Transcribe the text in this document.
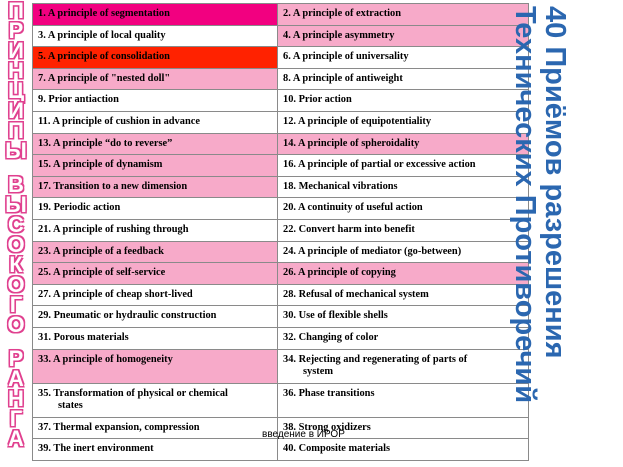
П
Р
И
Н
Ц
И
П
Ы
В
Ы
С
О
К
О
Г
О
Р
А
Н
Г
А
1. A principle of segmentation	2. A principle of extraction
3. A principle of local quality	4. A principle asymmetry
5. A principle of consolidation	6. A principle of universality
7. A principle of "nested doll"	8. A principle of antiweight
9. Prior antiaction	10. Prior action
11. A principle of cushion in advance	12. A principle of equipotentiality
13. A principle “do to reverse”	14. A principle of spheroidality
15. A principle of dynamism	16. A principle of partial or excessive action
17. Transition to a new dimension	18. Mechanical vibrations
19. Periodic action	20. A continuity of useful action
21. A principle of rushing through	22. Convert harm into benefit
23. A principle of a feedback	24. A principle of mediator (go-between)
25. A principle of self-service	26. A principle of copying
27. A principle of cheap short-lived	28. Refusal of mechanical system
29. Pneumatic or hydraulic construction	30. Use of flexible shells
31. Porous materials	32. Changing of color
33. A principle of homogeneity	34. Rejecting and regenerating of parts of
system

35. Transformation of physical or chemical
states	36. Phase transitions
37. Thermal expansion, compression	38. Strong oxidizers
39. The inert environment	40. Composite materials
40 Приёмов разрешения
Технических Противоречий
введение в ИРОР
